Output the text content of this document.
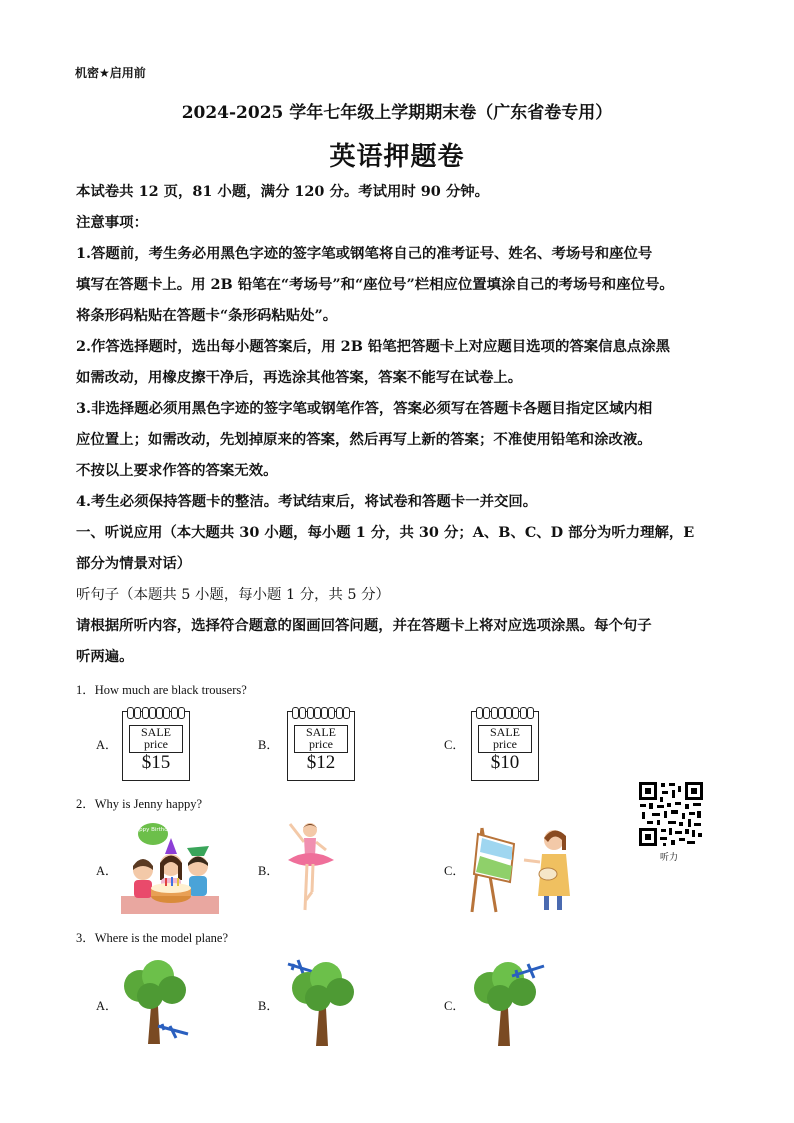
机密★启用前
2024-2025 学年七年级上学期期末卷（广东省卷专用）
英语押题卷
本试卷共 12 页，81 小题，满分 120 分。考试用时 90 分钟。
注意事项：
1.答题前，考生务必用黑色字迹的签字笔或钢笔将自己的准考证号、姓名、考场号和座位号
填写在答题卡上。用 2B 铅笔在“考场号”和“座位号”栏相应位置填涂自己的考场号和座位号。
将条形码粘贴在答题卡“条形码粘贴处”。
2.作答选择题时，选出每小题答案后，用 2B 铅笔把答题卡上对应题目选项的答案信息点涂黑
如需改动，用橡皮擦干净后，再选涂其他答案，答案不能写在试卷上。
3.非选择题必须用黑色字迹的签字笔或钢笔作答，答案必须写在答题卡各题目指定区域内相
应位置上；如需改动，先划掉原来的答案，然后再写上新的答案；不准使用铅笔和涂改液。
不按以上要求作答的答案无效。
4.考生必须保持答题卡的整洁。考试结束后，将试卷和答题卡一并交回。
一、听说应用（本大题共 30 小题，每小题 1 分，共 30 分；A、B、C、D 部分为听力理解，E
部分为情景对话）
听句子（本题共 5 小题，每小题 1 分，共 5 分）
请根据所听内容，选择符合题意的图画回答问题，并在答题卡上将对应选项涂黑。每个句子
听两遍。
1．How much are black trousers?
A．
SALE
price
$15
B．
SALE
price
$12
C．
SALE
price
$10
听力
2．Why is Jenny happy?
A．
Happy Birthday
B．	C．
3．Where is the model plane?
A．	B．	C．
